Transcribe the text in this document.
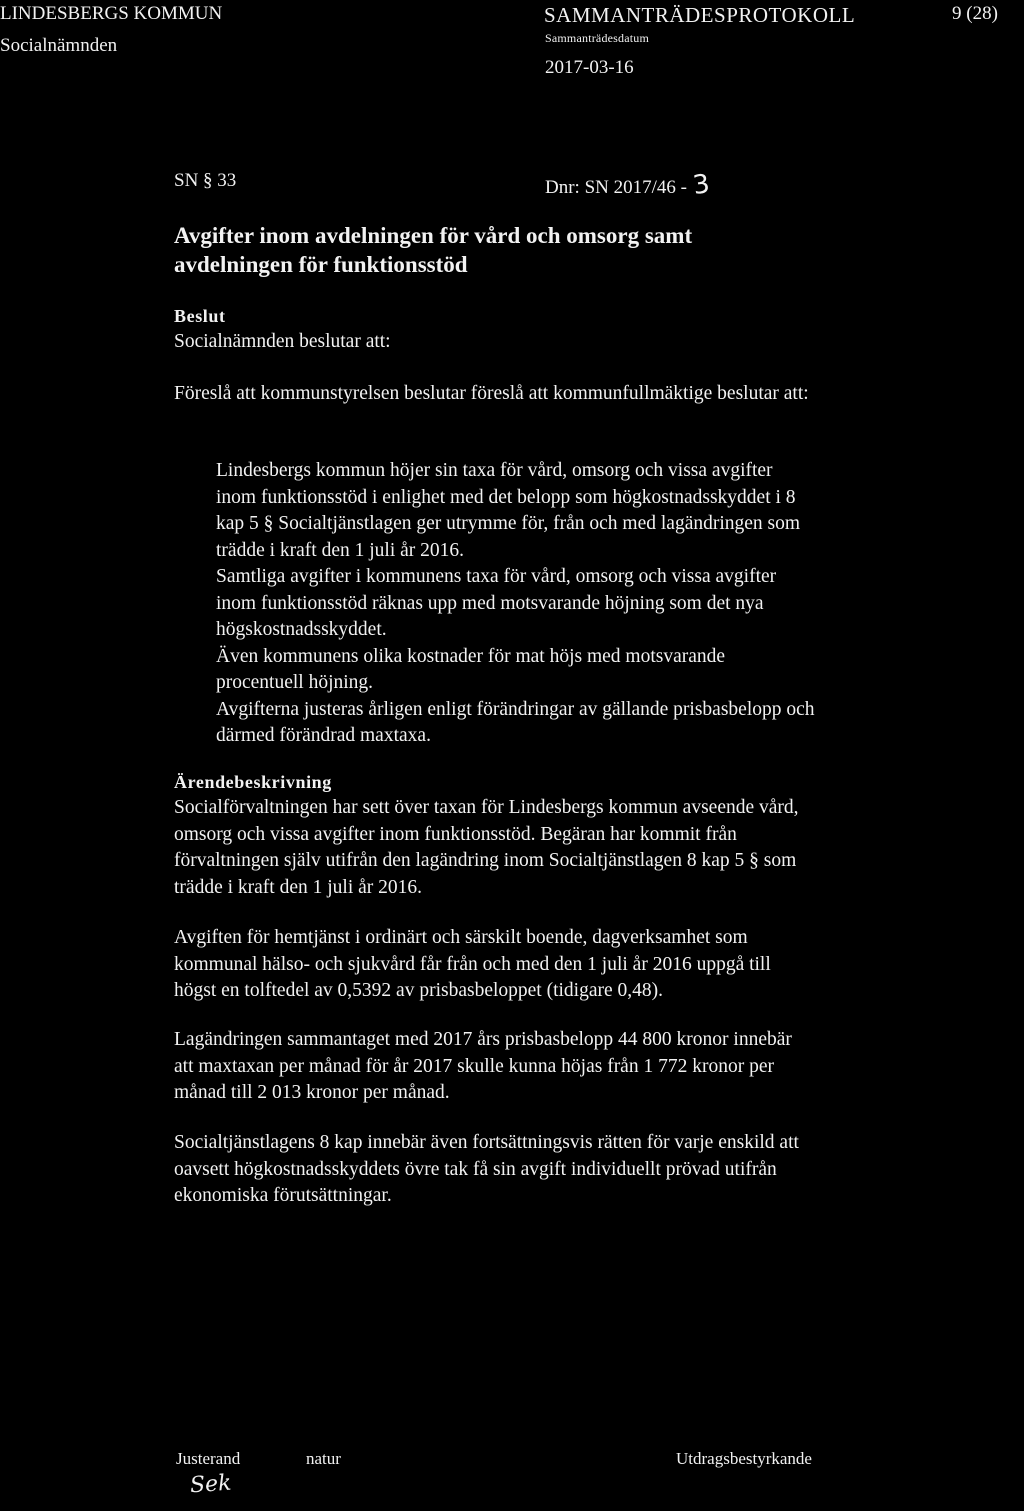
LINDESBERGS KOMMUN
Socialnämnden
SAMMANTRÄDESPROTOKOLL
Sammanträdesdatum
2017-03-16
9 (28)
SN § 33	Dnr: SN 2017/46 - 3
Avgifter inom avdelningen för vård och omsorg samt
avdelningen för funktionsstöd
Beslut
Socialnämnden beslutar att:
Föreslå att kommunstyrelsen beslutar föreslå att kommunfullmäktige beslutar att:
Lindesbergs kommun höjer sin taxa för vård, omsorg och vissa avgifter
inom funktionsstöd i enlighet med det belopp som högkostnadsskyddet i 8
kap 5 § Socialtjänstlagen ger utrymme för, från och med lagändringen som
trädde i kraft den 1 juli år 2016.
Samtliga avgifter i kommunens taxa för vård, omsorg och vissa avgifter
inom funktionsstöd räknas upp med motsvarande höjning som det nya
högskostnadsskyddet.
Även kommunens olika kostnader för mat höjs med motsvarande
procentuell höjning.
Avgifterna justeras årligen enligt förändringar av gällande prisbasbelopp och
därmed förändrad maxtaxa.
Ärendebeskrivning
Socialförvaltningen har sett över taxan för Lindesbergs kommun avseende vård,
omsorg och vissa avgifter inom funktionsstöd. Begäran har kommit från
förvaltningen själv utifrån den lagändring inom Socialtjänstlagen 8 kap 5 § som
trädde i kraft den 1 juli år 2016.
Avgiften för hemtjänst i ordinärt och särskilt boende, dagverksamhet som
kommunal hälso- och sjukvård får från och med den 1 juli år 2016 uppgå till
högst en tolftedel av 0,5392 av prisbasbeloppet (tidigare 0,48).
Lagändringen sammantaget med 2017 års prisbasbelopp 44 800 kronor innebär
att maxtaxan per månad för år 2017 skulle kunna höjas från 1 772 kronor per
månad till 2 013 kronor per månad.
Socialtjänstlagens 8 kap innebär även fortsättningsvis rätten för varje enskild att
oavsett högkostnadsskyddets övre tak få sin avgift individuellt prövad utifrån
ekonomiska förutsättningar.
Justerand	natur	Utdragsbestyrkande
Sek
